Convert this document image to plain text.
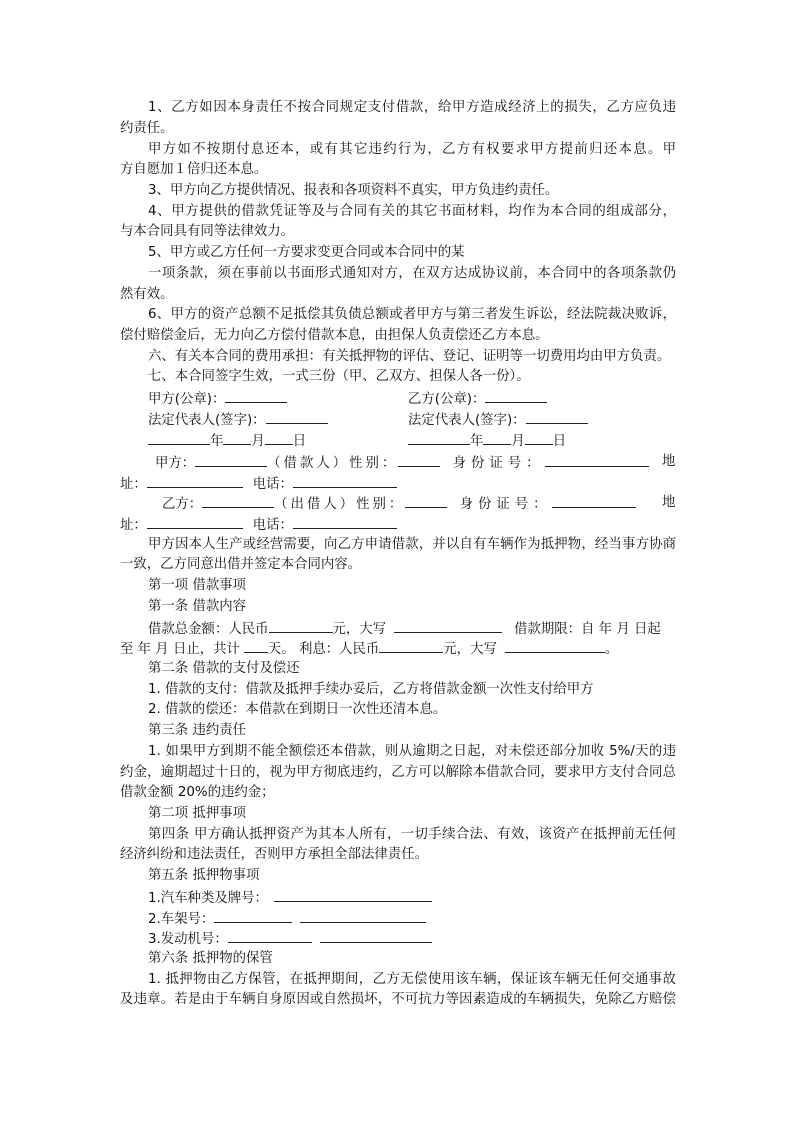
1、乙方如因本身责任不按合同规定支付借款，给甲方造成经济上的损失，乙方应负违
约责任。
甲方如不按期付息还本，或有其它违约行为，乙方有权要求甲方提前归还本息。甲
方自愿加１倍归还本息。
3、甲方向乙方提供情况、报表和各项资料不真实，甲方负违约责任。
4、甲方提供的借款凭证等及与合同有关的其它书面材料，均作为本合同的组成部分，
与本合同具有同等法律效力。
5、甲方或乙方任何一方要求变更合同或本合同中的某
一项条款，须在事前以书面形式通知对方，在双方达成协议前，本合同中的各项条款仍
然有效。
6、甲方的资产总额不足抵偿其负债总额或者甲方与第三者发生诉讼，经法院裁决败诉，
偿付赔偿金后，无力向乙方偿付借款本息，由担保人负责偿还乙方本息。
六、有关本合同的费用承担：有关抵押物的评估、登记、证明等一切费用均由甲方负责。
七、本合同签字生效，一式三份（甲、乙双方、担保人各一份）。
甲方(公章)：	乙方(公章)：
法定代表人(签字)：	法定代表人(签字)：
年 月 日	年 月 日
甲方：	（借款人）性别：	身份证号：	地
址：	电话：
乙方：	（出借人）性别：	身份证号：	地
址：	电话：
甲方因本人生产或经营需要，向乙方申请借款，并以自有车辆作为抵押物，经当事方协商
一致，乙方同意出借并签定本合同内容。
第一项 借款事项
第一条 借款内容
借款总金额：人民币	元，大写	借款期限：自 年 月 日起
至 年 月 日止，共计 天。 利息：人民币	元，大写	。
第二条 借款的支付及偿还
1. 借款的支付：借款及抵押手续办妥后，乙方将借款金额一次性支付给甲方
2. 借款的偿还：本借款在到期日一次性还清本息。
第三条 违约责任
1. 如果甲方到期不能全额偿还本借款，则从逾期之日起，对未偿还部分加收 5%/天的违
约金，逾期超过十日的，视为甲方彻底违约，乙方可以解除本借款合同，要求甲方支付合同总
借款金额 20%的违约金；
第二项 抵押事项
第四条 甲方确认抵押资产为其本人所有，一切手续合法、有效，该资产在抵押前无任何
经济纠纷和违法责任，否则甲方承担全部法律责任。
第五条 抵押物事项
1.汽车种类及牌号：
2.车架号：
3.发动机号：
第六条 抵押物的保管
1. 抵押物由乙方保管，在抵押期间，乙方无偿使用该车辆，保证该车辆无任何交通事故
及违章。若是由于车辆自身原因或自然损坏，不可抗力等因素造成的车辆损失，免除乙方赔偿
